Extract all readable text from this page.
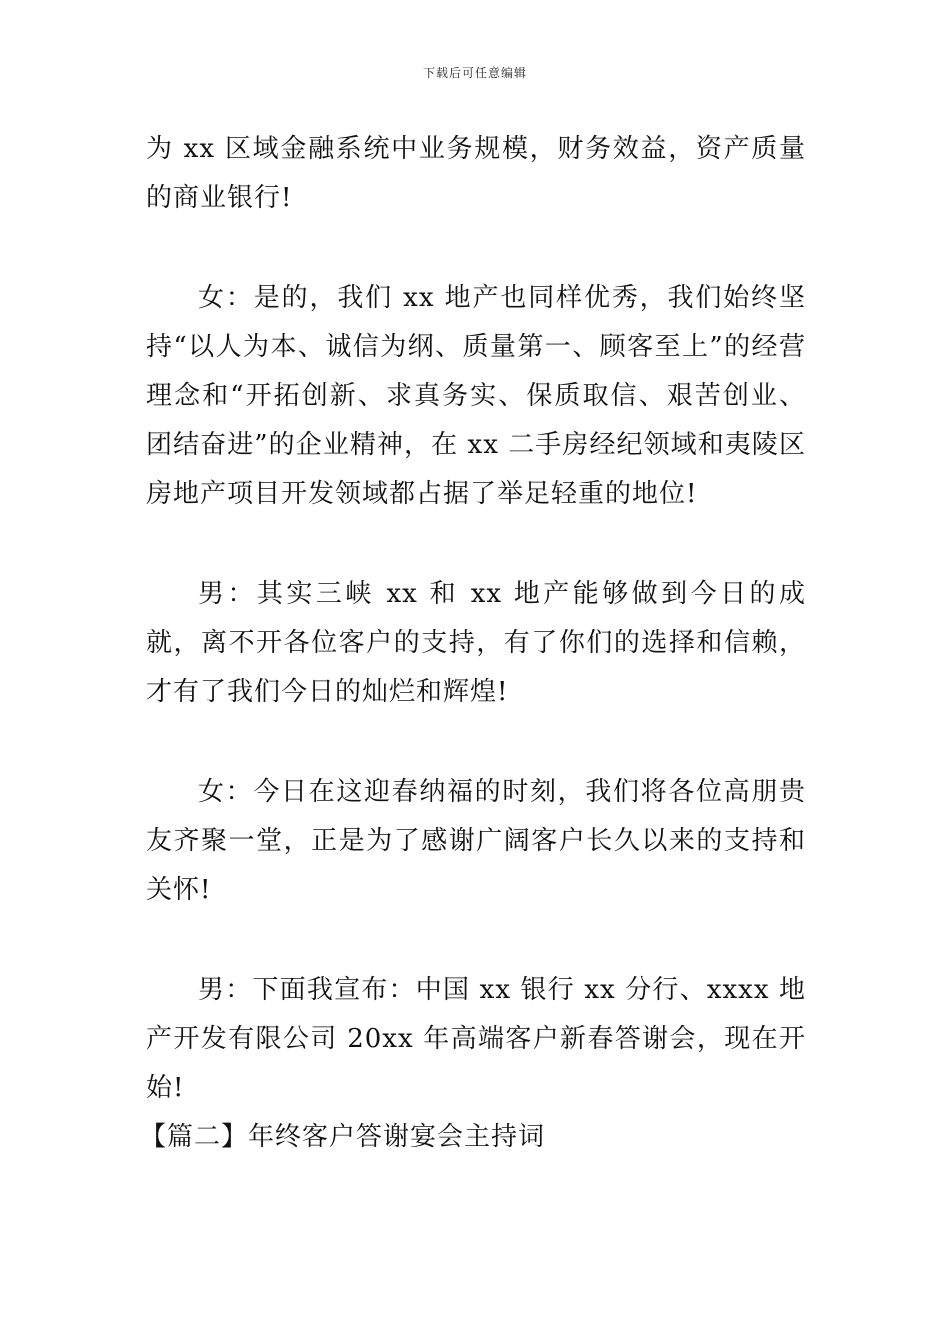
下载后可任意编辑

为 xx 区域金融系统中业务规模，财务效益，资产质量的商业银行!

女：是的，我们 xx 地产也同样优秀，我们始终坚持“以人为本、诚信为纲、质量第一、顾客至上”的经营理念和“开拓创新、求真务实、保质取信、艰苦创业、团结奋进”的企业精神，在 xx 二手房经纪领域和夷陵区房地产项目开发领域都占据了举足轻重的地位!

男：其实三峡 xx 和 xx 地产能够做到今日的成就，离不开各位客户的支持，有了你们的选择和信赖，才有了我们今日的灿烂和辉煌!

女：今日在这迎春纳福的时刻，我们将各位高朋贵友齐聚一堂，正是为了感谢广阔客户长久以来的支持和关怀!

男：下面我宣布：中国 xx 银行 xx 分行、xxxx 地产开发有限公司 20xx 年高端客户新春答谢会，现在开始!

【篇二】年终客户答谢宴会主持词
